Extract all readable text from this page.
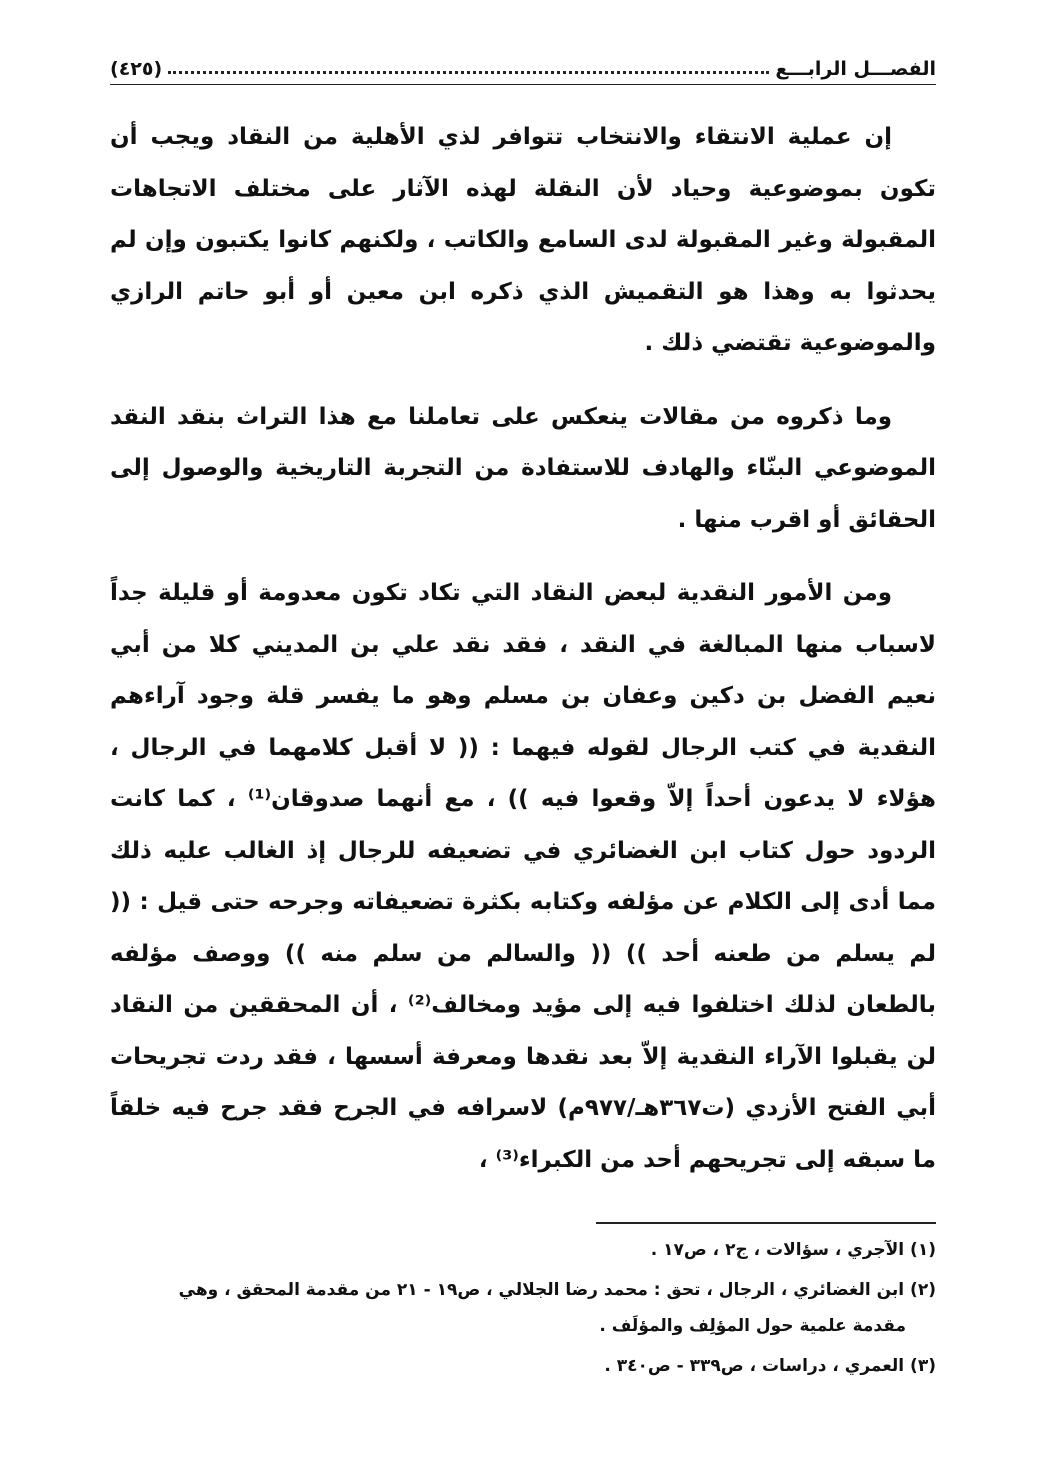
الفصـــل الرابـــع
(٤٢٥)

إن عملية الانتقاء والانتخاب تتوافر لذي الأهلية من النقاد ويجب أن تكون بموضوعية وحياد لأن النقلة لهذه الآثار على مختلف الاتجاهات المقبولة وغير المقبولة لدى السامع والكاتب ، ولكنهم كانوا يكتبون وإن لم يحدثوا به وهذا هو التقميش الذي ذكره ابن معين أو أبو حاتم الرازي والموضوعية تقتضي ذلك .

وما ذكروه من مقالات ينعكس على تعاملنا مع هذا التراث بنقد النقد الموضوعي البنّاء والهادف للاستفادة من التجربة التاريخية والوصول إلى الحقائق أو اقرب منها .

ومن الأمور النقدية لبعض النقاد التي تكاد تكون معدومة أو قليلة جداً لاسباب منها المبالغة في النقد ، فقد نقد علي بن المديني كلا من أبي نعيم الفضل بن دكين وعفان بن مسلم وهو ما يفسر قلة وجود آراءهم النقدية في كتب الرجال لقوله فيهما : (( لا أقبل كلامهما في الرجال ، هؤلاء لا يدعون أحداً إلاّ وقعوا فيه )) ، مع أنهما صدوقان⁽¹⁾ ، كما كانت الردود حول كتاب ابن الغضائري في تضعيفه للرجال إذ الغالب عليه ذلك مما أدى إلى الكلام عن مؤلفه وكتابه بكثرة تضعيفاته وجرحه حتى قيل : (( لم يسلم من طعنه أحد )) (( والسالم من سلم منه )) ووصف مؤلفه بالطعان لذلك اختلفوا فيه إلى مؤيد ومخالف⁽²⁾ ، أن المحققين من النقاد لن يقبلوا الآراء النقدية إلاّ بعد نقدها ومعرفة أسسها ، فقد ردت تجريحات أبي الفتح الأزدي (ت٣٦٧هـ/٩٧٧م) لاسرافه في الجرح فقد جرح فيه خلقاً ما سبقه إلى تجريحهم أحد من الكبراء⁽³⁾ ،

(١) الآجري ، سؤالات ، ج٢ ، ص١٧ .
(٢) ابن الغضائري ، الرجال ، تحق : محمد رضا الجلالي ، ص١٩ - ٢١ من مقدمة المحقق ، وهي
مقدمة علمية حول المؤلِف والمؤلَف .
(٣) العمري ، دراسات ، ص٣٣٩ - ص٣٤٠ .
